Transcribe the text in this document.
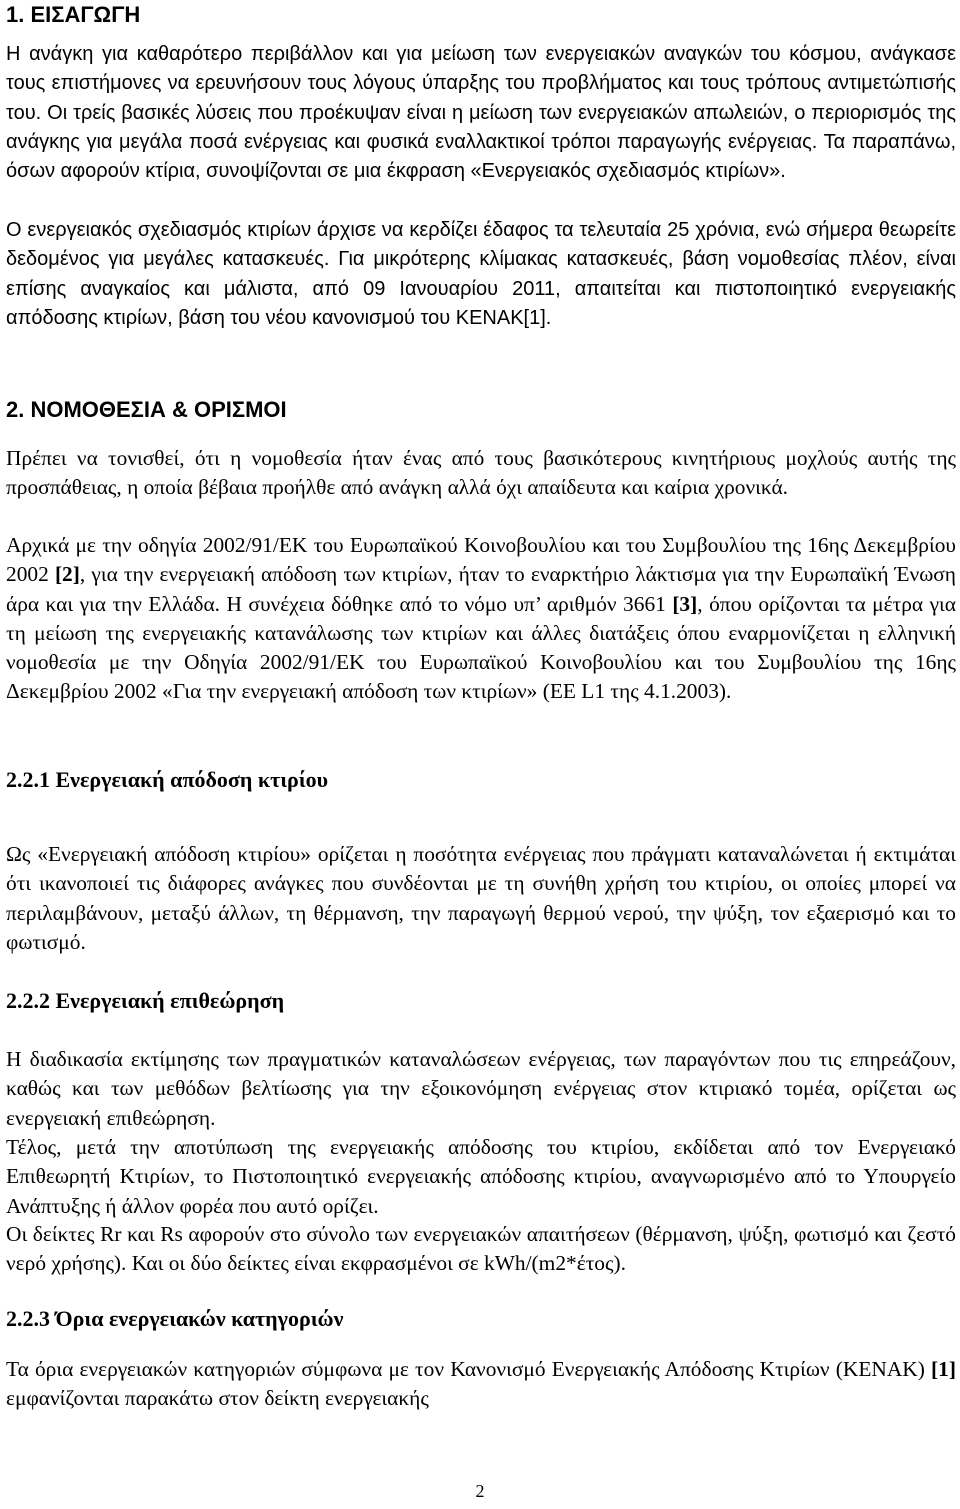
1. ΕΙΣΑΓΩΓΗ

Η ανάγκη για καθαρότερο περιβάλλον και για μείωση των ενεργειακών αναγκών του κόσμου, ανάγκασε τους επιστήμονες να ερευνήσουν τους λόγους ύπαρξης του προβλήματος και τους τρόπους αντιμετώπισής του. Οι τρείς βασικές λύσεις που προέκυψαν είναι η μείωση των ενεργειακών απωλειών, ο περιορισμός της ανάγκης για μεγάλα ποσά ενέργειας και φυσικά εναλλακτικοί τρόποι παραγωγής ενέργειας. Τα παραπάνω, όσων αφορούν κτίρια, συνοψίζονται σε μια έκφραση «Ενεργειακός σχεδιασμός κτιρίων».

Ο ενεργειακός σχεδιασμός κτιρίων άρχισε να κερδίζει έδαφος τα τελευταία 25 χρόνια, ενώ σήμερα θεωρείτε δεδομένος για μεγάλες κατασκευές. Για μικρότερης κλίμακας κατασκευές, βάση νομοθεσίας πλέον, είναι επίσης αναγκαίος και μάλιστα, από 09 Ιανουαρίου 2011, απαιτείται και πιστοποιητικό ενεργειακής απόδοσης κτιρίων, βάση του νέου κανονισμού του ΚΕΝΑΚ[1].

2. ΝΟΜΟΘΕΣΙΑ & ΟΡΙΣΜΟΙ

Πρέπει να τονισθεί, ότι η νομοθεσία ήταν ένας από τους βασικότερους κινητήριους μοχλούς αυτής της προσπάθειας, η οποία βέβαια προήλθε από ανάγκη αλλά όχι απαίδευτα και καίρια χρονικά.

Αρχικά με την οδηγία 2002/91/ΕΚ του Ευρωπαϊκού Κοινοβουλίου και του Συμβουλίου της 16ης Δεκεμβρίου 2002 [2], για την ενεργειακή απόδοση των κτιρίων, ήταν το εναρκτήριο λάκτισμα για την Ευρωπαϊκή Ένωση άρα και για την Ελλάδα. Η συνέχεια δόθηκε από το νόμο υπ’ αριθμόν 3661 [3], όπου ορίζονται τα μέτρα για τη μείωση της ενεργειακής κατανάλωσης των κτιρίων και άλλες διατάξεις όπου εναρμονίζεται η ελληνική νομοθεσία με την Οδηγία 2002/91/ΕΚ του Ευρωπαϊκού Κοινοβουλίου και του Συμβουλίου της 16ης Δεκεμβρίου 2002 «Για την ενεργειακή απόδοση των κτιρίων» (ΕΕ L1 της 4.1.2003).

2.2.1 Ενεργειακή απόδοση κτιρίου

Ως «Ενεργειακή απόδοση κτιρίου» ορίζεται η ποσότητα ενέργειας που πράγματι καταναλώνεται ή εκτιμάται ότι ικανοποιεί τις διάφορες ανάγκες που συνδέονται με τη συνήθη χρήση του κτιρίου, οι οποίες μπορεί να περιλαμβάνουν, μεταξύ άλλων, τη θέρμανση, την παραγωγή θερμού νερού, την ψύξη, τον εξαερισμό και το φωτισμό.

2.2.2 Ενεργειακή επιθεώρηση

Η διαδικασία εκτίμησης των πραγματικών καταναλώσεων ενέργειας, των παραγόντων που τις επηρεάζουν, καθώς και των μεθόδων βελτίωσης για την εξοικονόμηση ενέργειας στον κτιριακό τομέα, ορίζεται ως ενεργειακή επιθεώρηση.

Τέλος, μετά την αποτύπωση της ενεργειακής απόδοσης του κτιρίου, εκδίδεται από τον Ενεργειακό Επιθεωρητή Κτιρίων, το Πιστοποιητικό ενεργειακής απόδοσης κτιρίου, αναγνωρισμένο από το Υπουργείο Ανάπτυξης ή άλλον φορέα που αυτό ορίζει.

Οι δείκτες Rr και Rs αφορούν στο σύνολο των ενεργειακών απαιτήσεων (θέρμανση, ψύξη, φωτισμό και ζεστό νερό χρήσης). Και οι δύο δείκτες είναι εκφρασμένοι σε kWh/(m2*έτος).

2.2.3 Όρια ενεργειακών κατηγοριών

Τα όρια ενεργειακών κατηγοριών σύμφωνα με τον Κανονισμό Ενεργειακής Απόδοσης Κτιρίων (ΚΕΝΑΚ) [1] εμφανίζονται παρακάτω στον δείκτη ενεργειακής

2
